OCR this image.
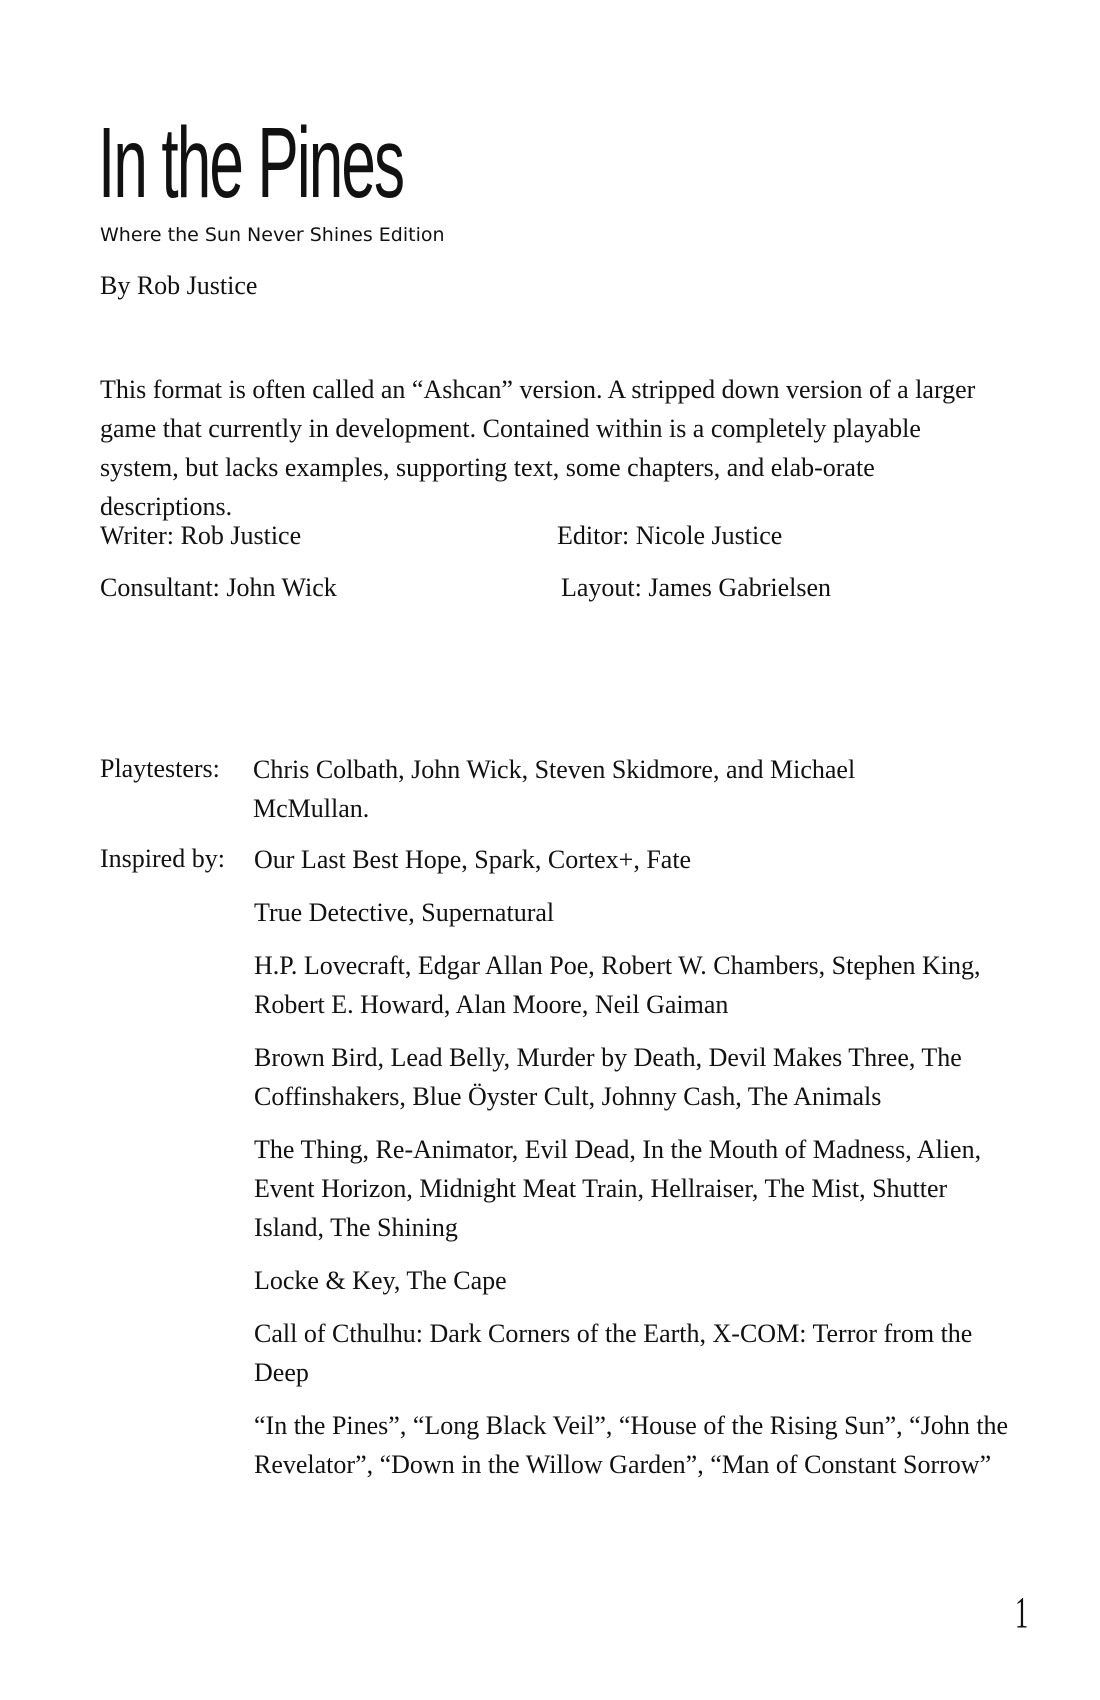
In the Pines
Where the Sun Never Shines Edition
By Rob Justice

This format is often called an “Ashcan” version. A stripped down version of a larger game that currently in development. Contained within is a completely playable system, but lacks examples, supporting text, some chapters, and elab-orate descriptions.

Writer: Rob Justice	Editor: Nicole Justice
Consultant: John Wick	Layout: James Gabrielsen
Playtesters: Chris Colbath, John Wick, Steven Skidmore, and Michael McMullan.
Inspired by: Our Last Best Hope, Spark, Cortex+, Fate
True Detective, Supernatural
H.P. Lovecraft, Edgar Allan Poe, Robert W. Chambers, Stephen King, Robert E. Howard, Alan Moore, Neil Gaiman
Brown Bird, Lead Belly, Murder by Death, Devil Makes Three, The Coffinshakers, Blue Öyster Cult, Johnny Cash, The Animals
The Thing, Re-Animator, Evil Dead, In the Mouth of Madness, Alien, Event Horizon, Midnight Meat Train, Hellraiser, The Mist, Shutter Island, The Shining
Locke & Key, The Cape
Call of Cthulhu: Dark Corners of the Earth, X-COM: Terror from the Deep
“In the Pines”, “Long Black Veil”, “House of the Rising Sun”, “John the Revelator”, “Down in the Willow Garden”, “Man of Constant Sorrow”
1
